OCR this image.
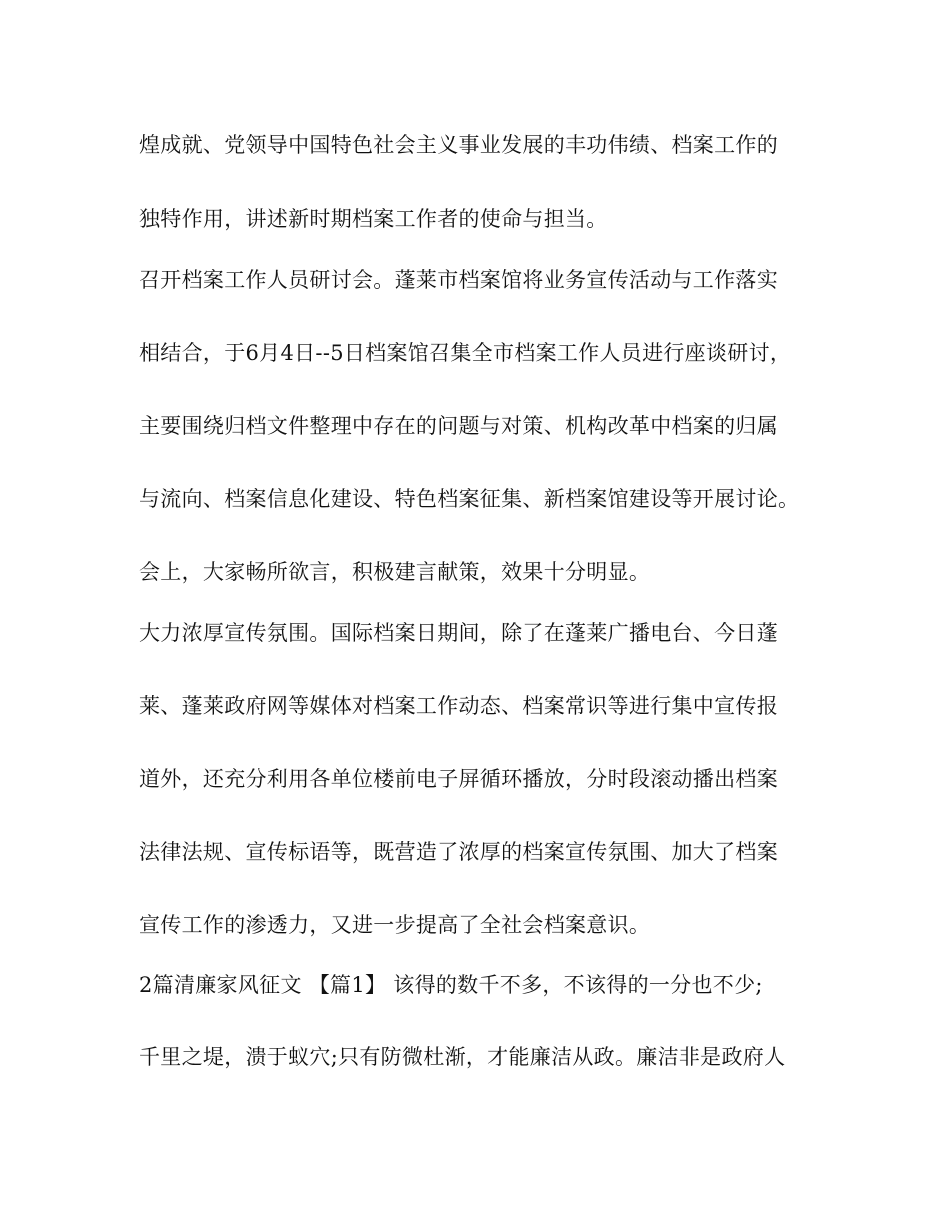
煌成就、党领导中国特色社会主义事业发展的丰功伟绩、档案工作的

独特作用，讲述新时期档案工作者的使命与担当。

召开档案工作人员研讨会。蓬莱市档案馆将业务宣传活动与工作落实

相结合，于6月4日--5日档案馆召集全市档案工作人员进行座谈研讨，

主要围绕归档文件整理中存在的问题与对策、机构改革中档案的归属

与流向、档案信息化建设、特色档案征集、新档案馆建设等开展讨论。

会上，大家畅所欲言，积极建言献策，效果十分明显。

大力浓厚宣传氛围。国际档案日期间，除了在蓬莱广播电台、今日蓬

莱、蓬莱政府网等媒体对档案工作动态、档案常识等进行集中宣传报

道外，还充分利用各单位楼前电子屏循环播放，分时段滚动播出档案

法律法规、宣传标语等，既营造了浓厚的档案宣传氛围、加大了档案

宣传工作的渗透力，又进一步提高了全社会档案意识。

2篇清廉家风征文 【篇1】 该得的数千不多，不该得的一分也不少;

千里之堤，溃于蚁穴;只有防微杜渐，才能廉洁从政。廉洁非是政府人
